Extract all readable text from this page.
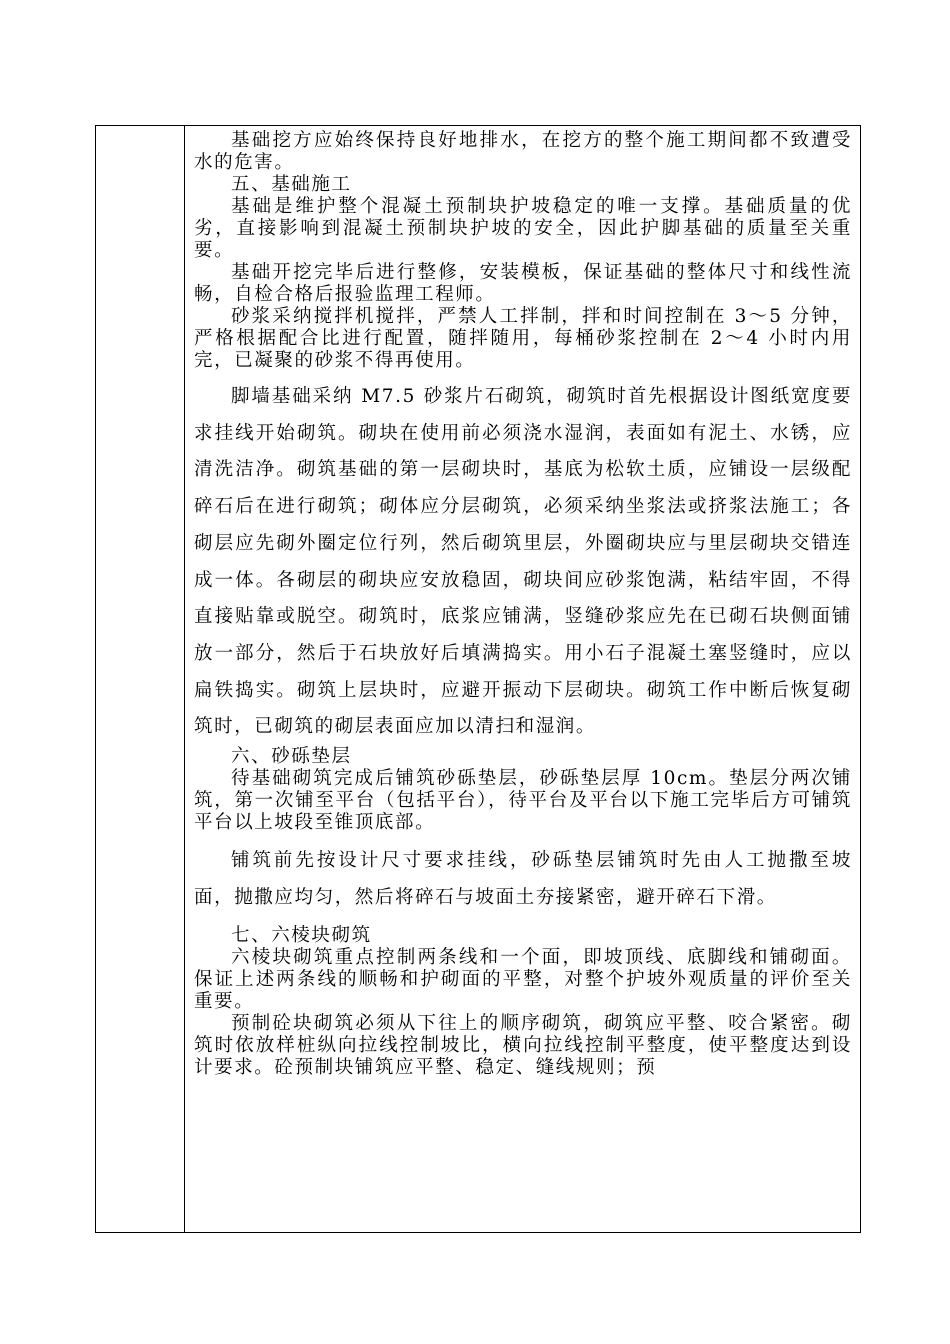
基础挖方应始终保持良好地排水，在挖方的整个施工期间都不致遭受水的危害。

五、基础施工

基础是维护整个混凝土预制块护坡稳定的唯一支撑。基础质量的优劣，直接影响到混凝土预制块护坡的安全，因此护脚基础的质量至关重要。

基础开挖完毕后进行整修，安装模板，保证基础的整体尺寸和线性流畅，自检合格后报验监理工程师。

砂浆采纳搅拌机搅拌，严禁人工拌制，拌和时间控制在 3～5 分钟，严格根据配合比进行配置，随拌随用，每桶砂浆控制在 2～4 小时内用完，已凝聚的砂浆不得再使用。

脚墙基础采纳 M7.5 砂浆片石砌筑，砌筑时首先根据设计图纸宽度要求挂线开始砌筑。砌块在使用前必须浇水湿润，表面如有泥土、水锈，应清洗洁净。砌筑基础的第一层砌块时，基底为松软土质，应铺设一层级配碎石后在进行砌筑；砌体应分层砌筑，必须采纳坐浆法或挤浆法施工；各砌层应先砌外圈定位行列，然后砌筑里层，外圈砌块应与里层砌块交错连成一体。各砌层的砌块应安放稳固，砌块间应砂浆饱满，粘结牢固，不得直接贴靠或脱空。砌筑时，底浆应铺满，竖缝砂浆应先在已砌石块侧面铺放一部分，然后于石块放好后填满捣实。用小石子混凝土塞竖缝时，应以扁铁捣实。砌筑上层块时，应避开振动下层砌块。砌筑工作中断后恢复砌筑时，已砌筑的砌层表面应加以清扫和湿润。

六、砂砾垫层

待基础砌筑完成后铺筑砂砾垫层，砂砾垫层厚 10cm。垫层分两次铺筑，第一次铺至平台（包括平台），待平台及平台以下施工完毕后方可铺筑平台以上坡段至锥顶底部。

铺筑前先按设计尺寸要求挂线，砂砾垫层铺筑时先由人工抛撒至坡面，抛撒应均匀，然后将碎石与坡面土夯接紧密，避开碎石下滑。

七、六棱块砌筑

六棱块砌筑重点控制两条线和一个面，即坡顶线、底脚线和铺砌面。保证上述两条线的顺畅和护砌面的平整，对整个护坡外观质量的评价至关重要。

预制砼块砌筑必须从下往上的顺序砌筑，砌筑应平整、咬合紧密。砌筑时依放样桩纵向拉线控制坡比，横向拉线控制平整度，使平整度达到设计要求。砼预制块铺筑应平整、稳定、缝线规则；预
